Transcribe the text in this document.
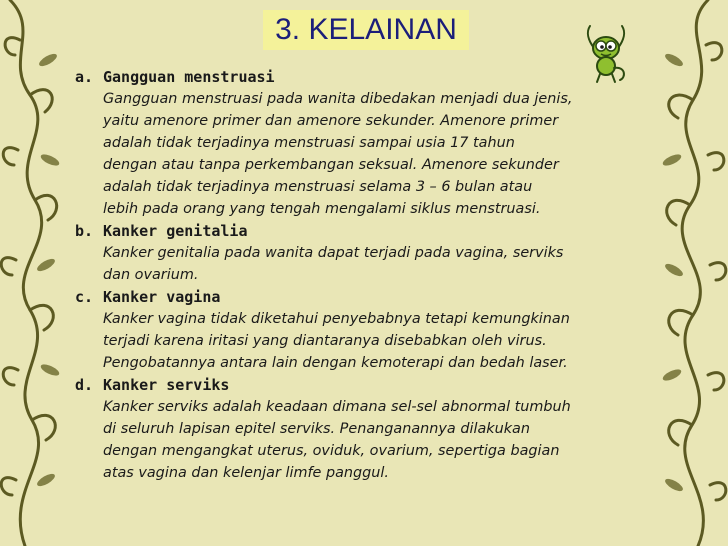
3. KELAINAN
a. Gangguan menstruasi
Gangguan menstruasi pada wanita dibedakan menjadi dua jenis,
yaitu amenore primer dan amenore sekunder. Amenore primer
adalah tidak terjadinya menstruasi sampai usia 17 tahun
dengan atau tanpa perkembangan seksual. Amenore sekunder
adalah tidak terjadinya menstruasi selama 3 – 6 bulan atau
lebih pada orang yang tengah mengalami siklus menstruasi.
b. Kanker genitalia
Kanker genitalia pada wanita dapat terjadi pada vagina, serviks
dan ovarium.
c. Kanker vagina
Kanker vagina tidak diketahui penyebabnya tetapi kemungkinan
terjadi karena iritasi yang diantaranya disebabkan oleh virus.
Pengobatannya antara lain dengan kemoterapi dan bedah laser.
d. Kanker serviks
Kanker serviks adalah keadaan dimana sel-sel abnormal tumbuh
di seluruh lapisan epitel serviks. Penanganannya dilakukan
dengan mengangkat uterus, oviduk, ovarium, sepertiga bagian
atas vagina dan kelenjar limfe panggul.
